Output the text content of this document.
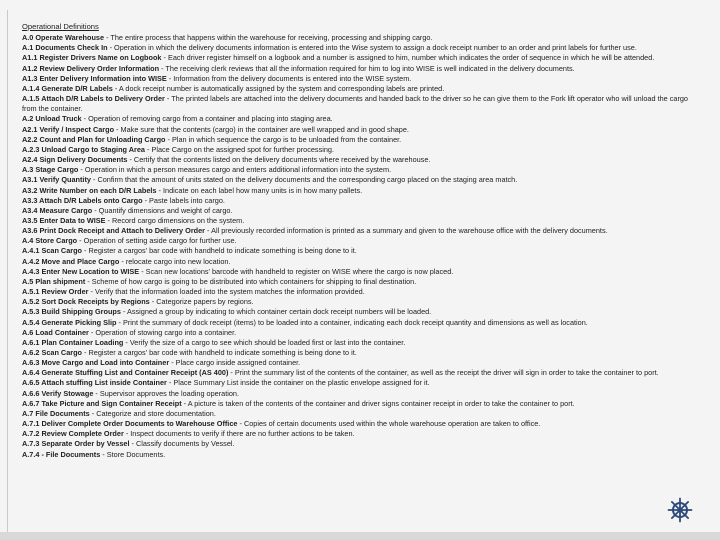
Operational Definitions
A.0 Operate Warehouse - The entire process that happens within the warehouse for receiving, processing and shipping cargo.
A.1 Documents Check In - Operation in which the delivery documents information is entered into the Wise system to assign a dock receipt number to an order and print labels for further use.
A1.1 Register Drivers Name on Logbook - Each driver register himself on a logbook and a number is assigned to him, number which indicates the order of sequence in which he will be attended.
A1.2 Review Delivery Order Information - The receiving clerk reviews that all the information required for him to log into WISE is well indicated in the delivery documents.
A1.3 Enter Delivery Information into WISE - Information from the delivery documents is entered into the WISE system.
A.1.4 Generate D/R Labels - A dock receipt number is automatically assigned by the system and corresponding labels are printed.
A.1.5 Attach D/R Labels to Delivery Order - The printed labels are attached into the delivery documents and handed back to the driver so he can give them to the Fork lift operator who will unload the cargo from the container.
A.2 Unload Truck - Operation of removing cargo from a container and placing into staging area.
A2.1 Verify / Inspect Cargo - Make sure that the contents (cargo) in the container are well wrapped and in good shape.
A2.2 Count and Plan for Unloading Cargo - Plan in which sequence the cargo is to be unloaded from the container.
A.2.3 Unload Cargo to Staging Area - Place Cargo on the assigned spot for further processing.
A2.4 Sign Delivery Documents - Certify that the contents listed on the delivery documents where received by the warehouse.
A.3 Stage Cargo - Operation in which a person measures cargo and enters additional information into the system.
A3.1 Verify Quantity - Confirm that the amount of units stated on the delivery documents and the corresponding cargo placed on the staging area match.
A3.2 Write Number on each D/R Labels - Indicate on each label how many units is in how many pallets.
A3.3 Attach D/R Labels onto Cargo - Paste labels into cargo.
A3.4 Measure Cargo - Quantify dimensions and weight of cargo.
A3.5 Enter Data to WISE - Record cargo dimensions on the system.
A3.6 Print Dock Receipt and Attach to Delivery Order - All previously recorded information is printed as a summary and given to the warehouse office with the delivery documents.
A.4 Store Cargo - Operation of setting aside cargo for further use.
A.4.1 Scan Cargo - Register a cargos' bar code with handheld to indicate something is being done to it.
A.4.2 Move and Place Cargo - relocate cargo into new location.
A.4.3 Enter New Location to WISE - Scan new locations' barcode with handheld to register on WISE where the cargo is now placed.
A.5 Plan shipment - Scheme of how cargo is going to be distributed into which containers for shipping to final destination.
A.5.1 Review Order - Verify that the information loaded into the system matches the information provided.
A.5.2 Sort Dock Receipts by Regions - Categorize papers by regions.
A.5.3 Build Shipping Groups - Assigned a group by indicating to which container certain dock receipt numbers will be loaded.
A.5.4 Generate Picking Slip - Print the summary of dock receipt (items) to be loaded into a container, indicating each dock receipt quantity and dimensions as well as location.
A.6 Load Container - Operation of stowing cargo into a container.
A.6.1 Plan Container Loading - Verify the size of a cargo to see which should be loaded first or last into the container.
A.6.2 Scan Cargo - Register a cargos' bar code with handheld to indicate something is being done to it.
A.6.3 Move Cargo and Load into Container - Place cargo inside assigned container.
A.6.4 Generate Stuffing List and Container Receipt (AS 400) - Print the summary list of the contents of the container, as well as the receipt the driver will sign in order to take the container to port.
A.6.5 Attach stuffing List inside Container - Place Summary List inside the container on the plastic envelope assigned for it.
A.6.6 Verify Stowage - Supervisor approves the loading operation.
A.6.7 Take Picture and Sign Container Receipt - A picture is taken of the contents of the container and driver signs container receipt in order to take the container to port.
A.7 File Documents - Categorize and store documentation.
A.7.1 Deliver Complete Order Documents to Warehouse Office - Copies of certain documents used within the whole warehouse operation are taken to office.
A.7.2 Review Complete Order - Inspect documents to verify if there are no further actions to be taken.
A.7.3 Separate Order by Vessel - Classify documents by Vessel.
A.7.4 - File Documents - Store Documents.
